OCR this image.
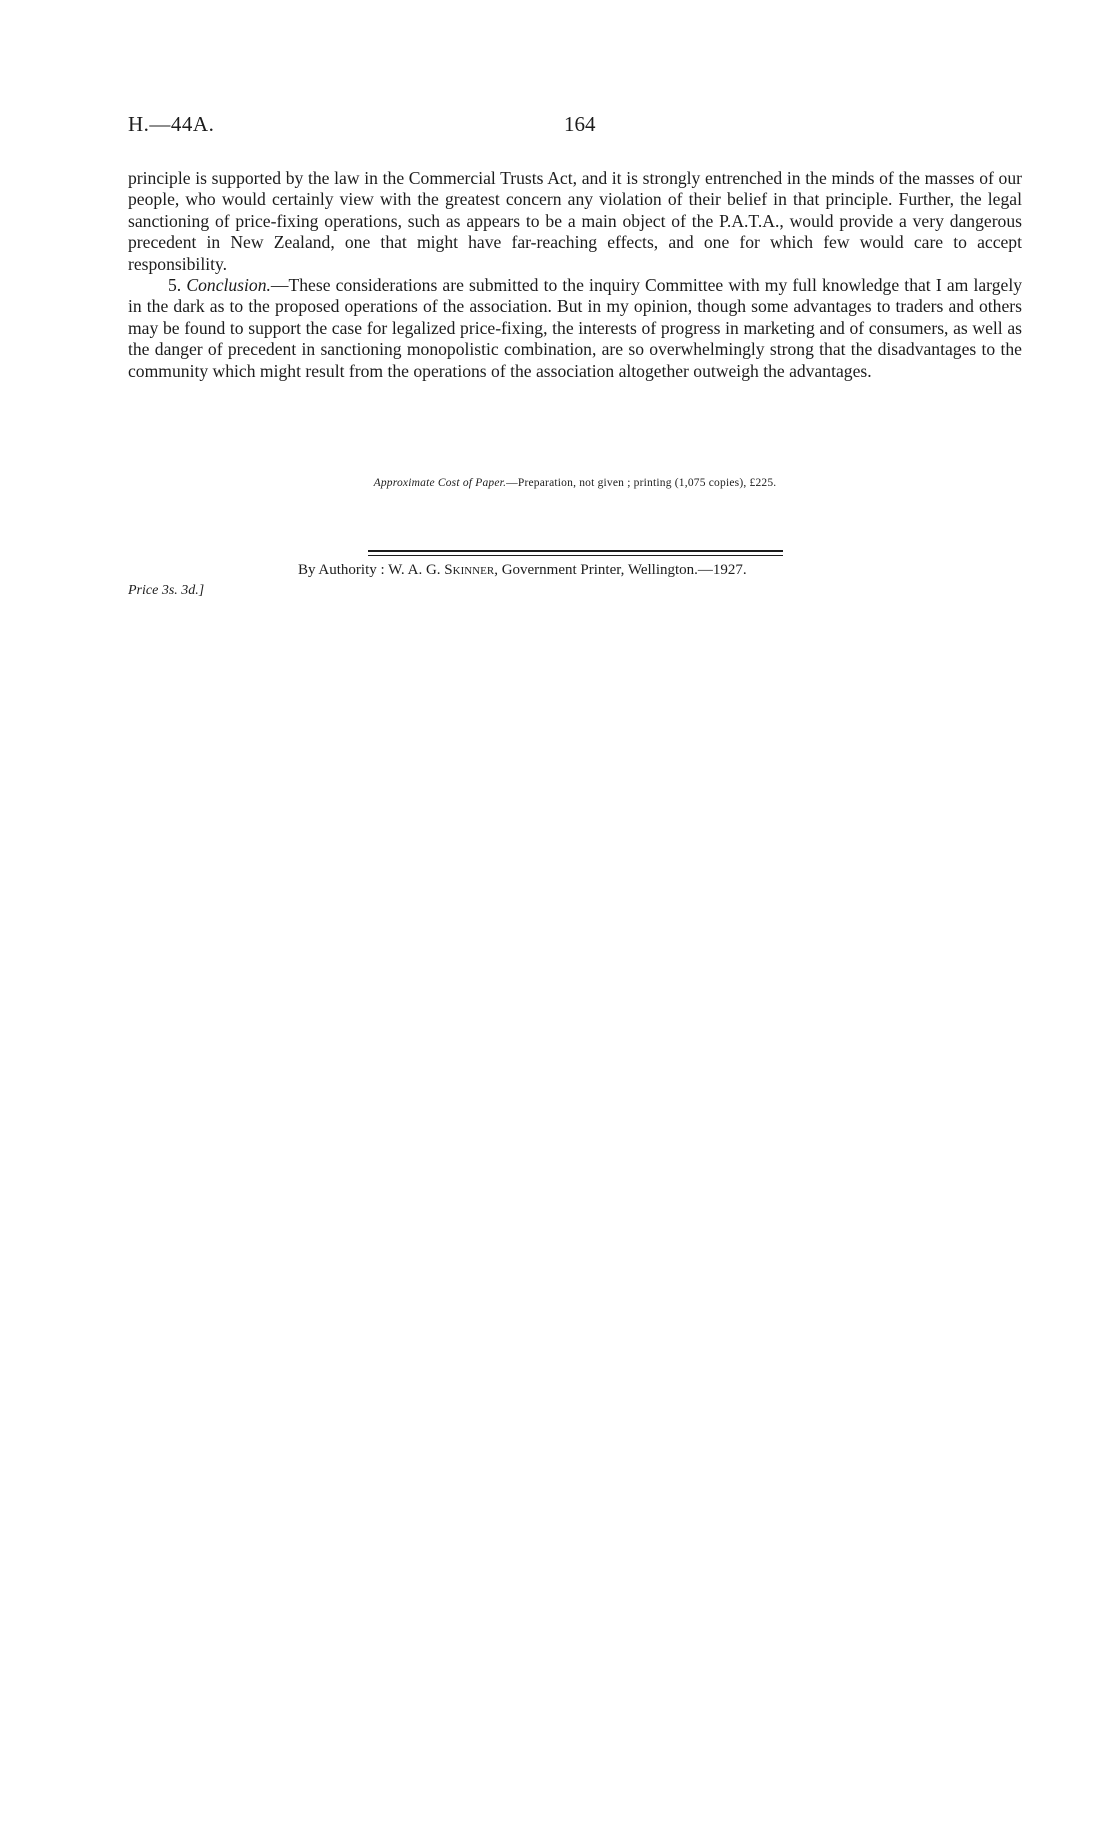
H.—44A.	164

principle is supported by the law in the Commercial Trusts Act, and it is strongly entrenched in the minds of the masses of our people, who would certainly view with the greatest concern any violation of their belief in that principle. Further, the legal sanctioning of price-fixing operations, such as appears to be a main object of the P.A.T.A., would provide a very dangerous precedent in New Zealand, one that might have far-reaching effects, and one for which few would care to accept responsibility.

5. Conclusion.—These considerations are submitted to the inquiry Committee with my full knowledge that I am largely in the dark as to the proposed operations of the association. But in my opinion, though some advantages to traders and others may be found to support the case for legalized price-fixing, the interests of progress in marketing and of consumers, as well as the danger of precedent in sanctioning monopolistic combination, are so overwhelmingly strong that the disadvantages to the community which might result from the operations of the association altogether outweigh the advantages.

Approximate Cost of Paper.—Preparation, not given ; printing (1,075 copies), £225.
By Authority : W. A. G. Skinner, Government Printer, Wellington.—1927.
Price 3s. 3d.]
